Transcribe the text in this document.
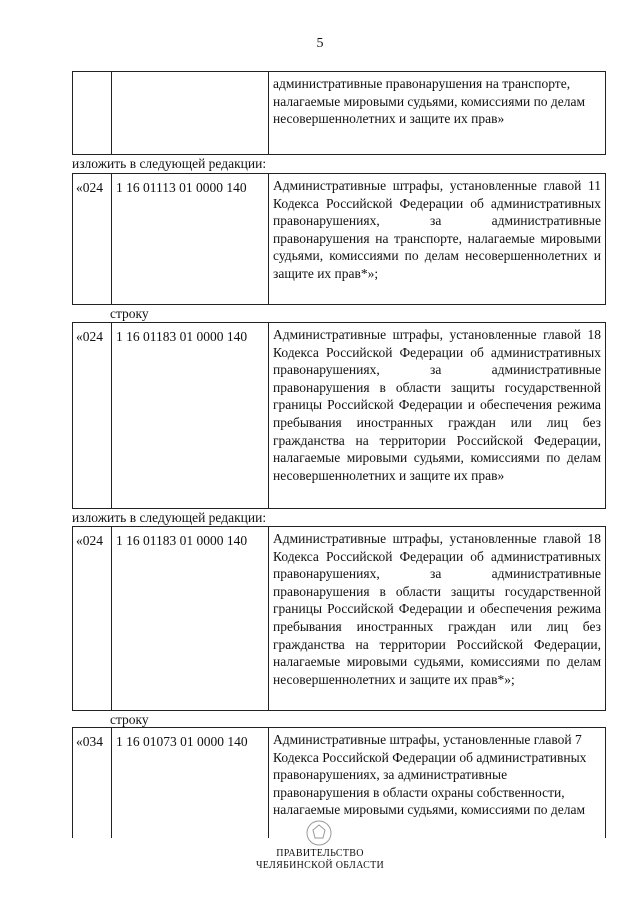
5
административные правонарушения на транспорте, налагаемые мировыми судьями, комиссиями по делам несовершеннолетних и защите их прав»
изложить в следующей редакции:
«024 1 16 01113 01 0000 140	Административные штрафы, установленные главой 11 Кодекса Российской Федерации об административных правонарушениях, за административные правонарушения на транспорте, налагаемые мировыми судьями, комиссиями по делам несовершеннолетних и защите их прав*»;
строку
«024 1 16 01183 01 0000 140	Административные штрафы, установленные главой 18 Кодекса Российской Федерации об административных правонарушениях, за административные правонарушения в области защиты государственной границы Российской Федерации и обеспечения режима пребывания иностранных граждан или лиц без гражданства на территории Российской Федерации, налагаемые мировыми судьями, комиссиями по делам несовершеннолетних и защите их прав»
изложить в следующей редакции:
«024 1 16 01183 01 0000 140	Административные штрафы, установленные главой 18 Кодекса Российской Федерации об административных правонарушениях, за административные правонарушения в области защиты государственной границы Российской Федерации и обеспечения режима пребывания иностранных граждан или лиц без гражданства на территории Российской Федерации, налагаемые мировыми судьями, комиссиями по делам несовершеннолетних и защите их прав*»;
строку
«034 1 16 01073 01 0000 140	Административные штрафы, установленные главой 7 Кодекса Российской Федерации об административных правонарушениях, за административные правонарушения в области охраны собственности, налагаемые мировыми судьями, комиссиями по делам
ПРАВИТЕЛЬСТВО
ЧЕЛЯБИНСКОЙ ОБЛАСТИ
